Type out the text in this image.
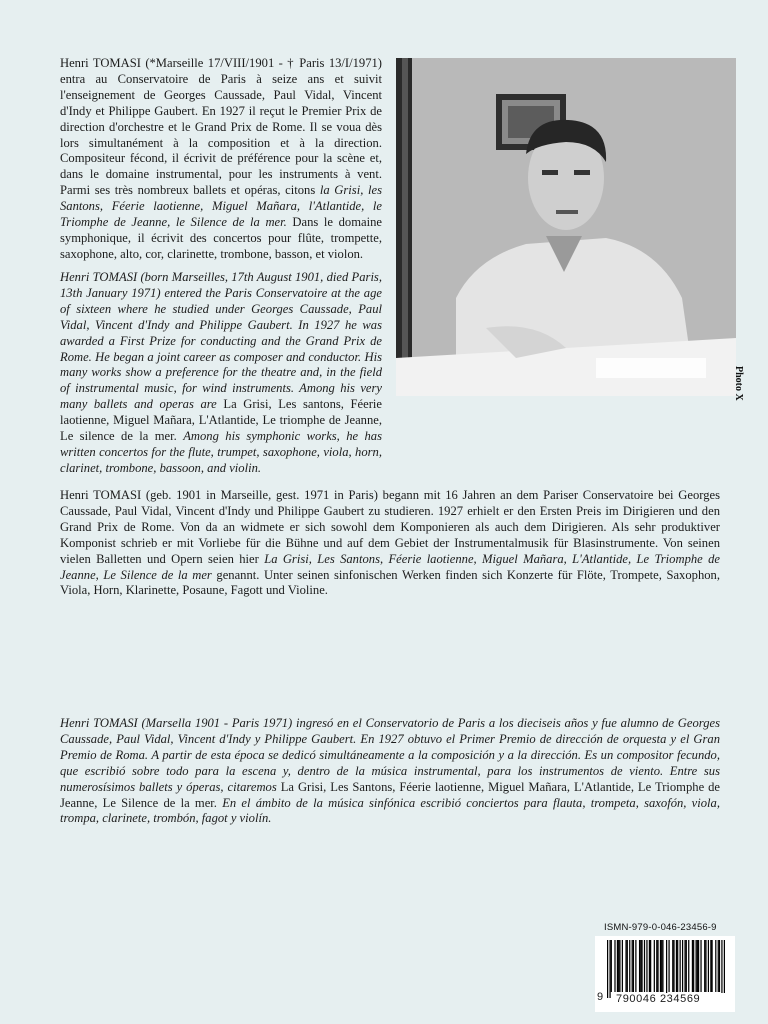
Henri TOMASI (*Marseille 17/VIII/1901 - † Paris 13/I/1971) entra au Conservatoire de Paris à seize ans et suivit l'enseignement de Georges Caussade, Paul Vidal, Vincent d'Indy et Philippe Gaubert. En 1927 il reçut le Premier Prix de direction d'orchestre et le Grand Prix de Rome. Il se voua dès lors simultanément à la composition et à la direction. Compositeur fécond, il écrivit de préférence pour la scène et, dans le domaine instrumental, pour les instruments à vent. Parmi ses très nombreux ballets et opéras, citons la Grisi, les Santons, Féerie laotienne, Miguel Mañara, l'Atlantide, le Triomphe de Jeanne, le Silence de la mer. Dans le domaine symphonique, il écrivit des concertos pour flûte, trompette, saxophone, alto, cor, clarinette, trombone, basson, et violon.

Henri TOMASI (born Marseilles, 17th August 1901, died Paris, 13th January 1971) entered the Paris Conservatoire at the age of sixteen where he studied under Georges Caussade, Paul Vidal, Vincent d'Indy and Philippe Gaubert. In 1927 he was awarded a First Prize for conducting and the Grand Prix de Rome. He began a joint career as composer and conductor. His many works show a preference for the theatre and, in the field of instrumental music, for wind instruments. Among his very many ballets and operas are La Grisi, Les santons, Féerie laotienne, Miguel Mañara, L'Atlantide, Le triomphe de Jeanne, Le silence de la mer. Among his symphonic works, he has written concertos for the flute, trumpet, saxophone, viola, horn, clarinet, trombone, bassoon, and violin.

Henri TOMASI (geb. 1901 in Marseille, gest. 1971 in Paris) begann mit 16 Jahren an dem Pariser Conservatoire bei Georges Caussade, Paul Vidal, Vincent d'Indy und Philippe Gaubert zu studieren. 1927 erhielt er den Ersten Preis im Dirigieren und den Grand Prix de Rome. Von da an widmete er sich sowohl dem Komponieren als auch dem Dirigieren. Als sehr produktiver Komponist schrieb er mit Vorliebe für die Bühne und auf dem Gebiet der Instrumentalmusik für Blasinstrumente. Von seinen vielen Balletten und Opern seien hier La Grisi, Les Santons, Féerie laotienne, Miguel Mañara, L'Atlantide, Le Triomphe de Jeanne, Le Silence de la mer genannt. Unter seinen sinfonischen Werken finden sich Konzerte für Flöte, Trompete, Saxophon, Viola, Horn, Klarinette, Posaune, Fagott und Violine.

Henri TOMASI (Marsella 1901 - Paris 1971) ingresó en el Conservatorio de Paris a los dieciseis años y fue alumno de Georges Caussade, Paul Vidal, Vincent d'Indy y Philippe Gaubert. En 1927 obtuvo el Primer Premio de dirección de orquesta y el Gran Premio de Roma. A partir de esta época se dedicó simultáneamente a la composición y a la dirección. Es un compositor fecundo, que escribió sobre todo para la escena y, dentro de la música instrumental, para los instrumentos de viento. Entre sus numerosísimos ballets y óperas, citaremos La Grisi, Les Santons, Féerie laotienne, Miguel Mañara, L'Atlantide, Le Triomphe de Jeanne, Le Silence de la mer. En el ámbito de la música sinfónica escribió conciertos para flauta, trompeta, saxofón, viola, trompa, clarinete, trombón, fagot y violín.

Photo X
ISMN-979-0-046-23456-9
9 790046 234569
